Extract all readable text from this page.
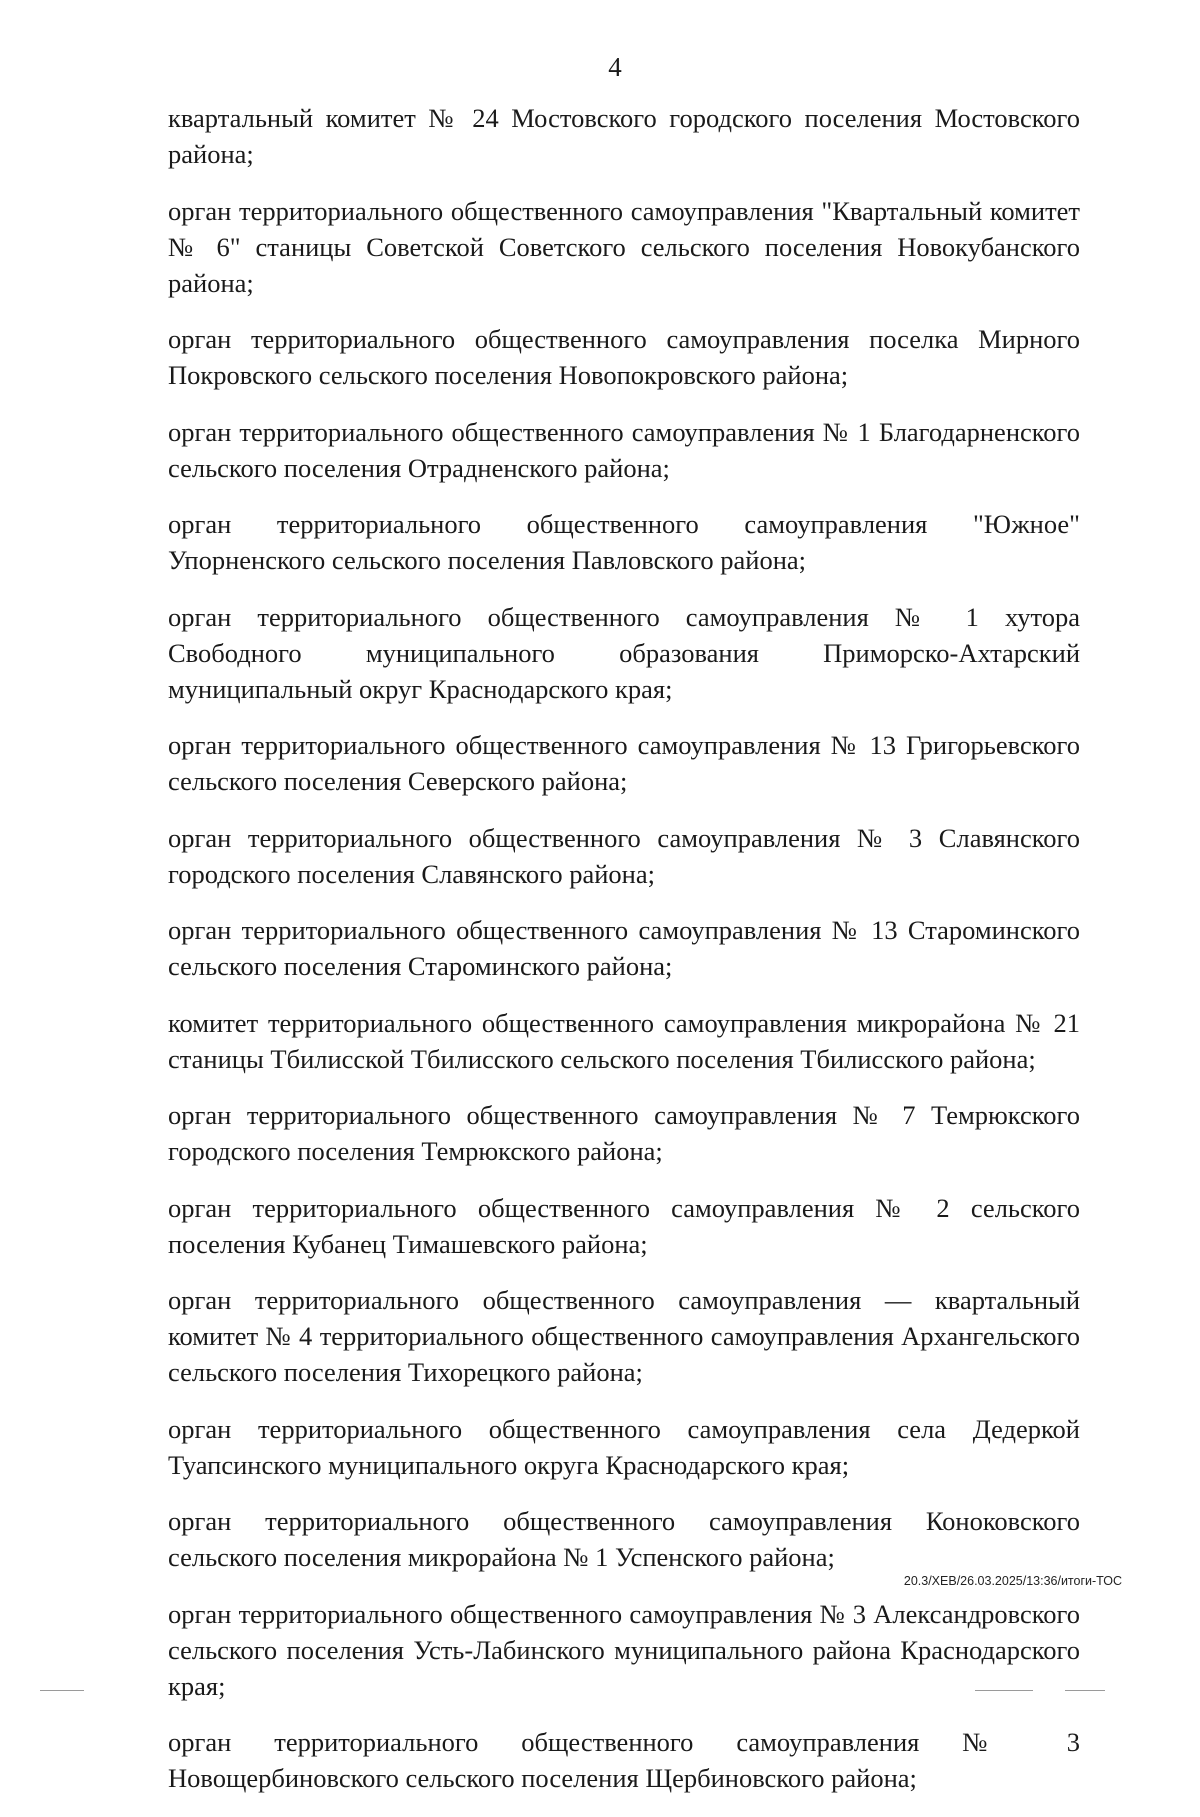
4

квартальный комитет № 24 Мостовского городского поселения Мостовского района;

орган территориального общественного самоуправления "Квартальный комитет № 6" станицы Советской Советского сельского поселения Новокубанского района;

орган территориального общественного самоуправления поселка Мирного Покровского сельского поселения Новопокровского района;

орган территориального общественного самоуправления № 1 Благодарненского сельского поселения Отрадненского района;

орган территориального общественного самоуправления "Южное" Упорненского сельского поселения Павловского района;

орган территориального общественного самоуправления № 1 хутора Свободного муниципального образования Приморско-Ахтарский муниципальный округ Краснодарского края;

орган территориального общественного самоуправления № 13 Григорьевского сельского поселения Северского района;

орган территориального общественного самоуправления № 3 Славянского городского поселения Славянского района;

орган территориального общественного самоуправления № 13 Староминского сельского поселения Староминского района;

комитет территориального общественного самоуправления микрорайона № 21 станицы Тбилисской Тбилисского сельского поселения Тбилисского района;

орган территориального общественного самоуправления № 7 Темрюкского городского поселения Темрюкского района;

орган территориального общественного самоуправления № 2 сельского поселения Кубанец Тимашевского района;

орган территориального общественного самоуправления — квартальный комитет № 4 территориального общественного самоуправления Архангельского сельского поселения Тихорецкого района;

орган территориального общественного самоуправления села Дедеркой Туапсинского муниципального округа Краснодарского края;

орган территориального общественного самоуправления Коноковского сельского поселения микрорайона № 1 Успенского района;

орган территориального общественного самоуправления № 3 Александровского сельского поселения Усть-Лабинского муниципального района Краснодарского края;

орган территориального общественного самоуправления № 3 Новощербиновского сельского поселения Щербиновского района;

20.3/ХЕВ/26.03.2025/13:36/итоги-ТОС
